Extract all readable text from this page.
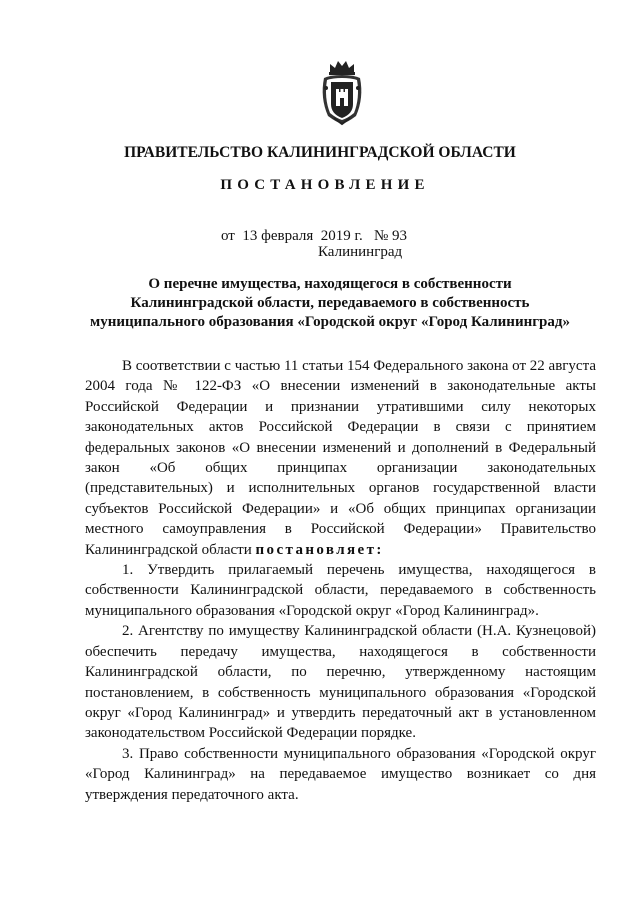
ПРАВИТЕЛЬСТВО КАЛИНИНГРАДСКОЙ ОБЛАСТИ
ПОСТАНОВЛЕНИЕ
от 13 февраля  2019 г. № 93
Калининград
О перечне имущества, находящегося в собственности
Калининградской области, передаваемого в собственность
муниципального образования «Городской округ «Город Калининград»

В соответствии с частью 11 статьи 154 Федерального закона от 22 августа 2004 года № 122-ФЗ «О внесении изменений в законодательные акты Российской Федерации и признании утратившими силу некоторых законодательных актов Российской Федерации в связи с принятием федеральных законов «О внесении изменений и дополнений в Федеральный закон «Об общих принципах организации законодательных (представительных) и исполнительных органов государственной власти субъектов Российской Федерации» и «Об общих принципах организации местного самоуправления в Российской Федерации» Правительство Калининградской области постановляет:

1. Утвердить прилагаемый перечень имущества, находящегося в собственности Калининградской области, передаваемого в собственность муниципального образования «Городской округ «Город Калининград».

2. Агентству по имуществу Калининградской области (Н.А. Кузнецовой) обеспечить передачу имущества, находящегося в собственности Калининградской области, по перечню, утвержденному настоящим постановлением, в собственность муниципального образования «Городской округ «Город Калининград» и утвердить передаточный акт в установленном законодательством Российской Федерации порядке.

3. Право собственности муниципального образования «Городской округ «Город Калининград» на передаваемое имущество возникает со дня утверждения передаточного акта.
